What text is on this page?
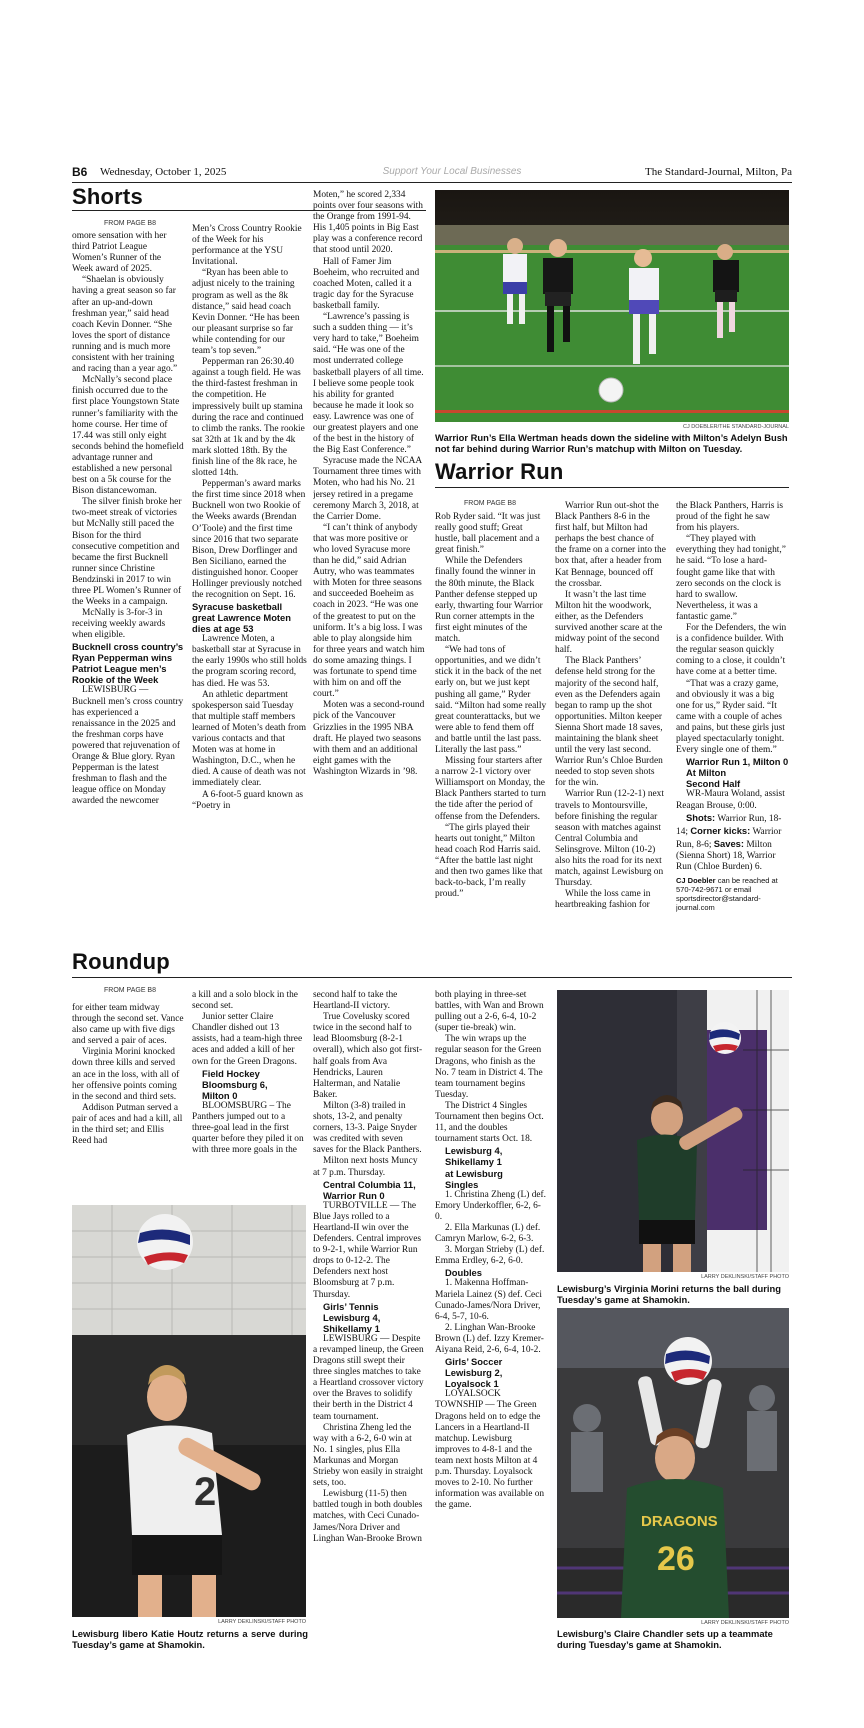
B6 Wednesday, October 1, 2025	Support Your Local Businesses	The Standard-Journal, Milton, Pa
Shorts
FROM PAGE B8

omore sensation with her third Patriot League Women’s Runner of the Week award of 2025.

“Shaelan is obviously having a great season so far after an up-and-down freshman year,” said head coach Kevin Donner. “She loves the sport of distance running and is much more consistent with her training and racing than a year ago.”

McNally’s second place finish occurred due to the first place Youngstown State runner’s familiarity with the home course. Her time of 17.44 was still only eight seconds behind the homefield advantage runner and established a new personal best on a 5k course for the Bison distancewoman.

The silver finish broke her two-meet streak of victories but McNally still paced the Bison for the third consecutive competition and became the first Bucknell runner since Christine Bendzinski in 2017 to win three PL Women’s Runner of the Weeks in a campaign.

McNally is 3-for-3 in receiving weekly awards when eligible.

Bucknell cross country’s Ryan Pepperman wins Patriot League men’s Rookie of the Week

LEWISBURG — Bucknell men’s cross country has experienced a renaissance in the 2025 and the freshman corps have powered that rejuvenation of Orange & Blue glory. Ryan Pepperman is the latest freshman to flash and the league office on Monday awarded the newcomer

Men’s Cross Country Rookie of the Week for his performance at the YSU Invitational.

“Ryan has been able to adjust nicely to the training program as well as the 8k distance,” said head coach Kevin Donner. “He has been our pleasant surprise so far while contending for our team’s top seven.”

Pepperman ran 26:30.40 against a tough field. He was the third-fastest freshman in the competition. He impressively built up stamina during the race and continued to climb the ranks. The rookie sat 32th at 1k and by the 4k mark slotted 18th. By the finish line of the 8k race, he slotted 14th.

Pepperman’s award marks the first time since 2018 when Bucknell won two Rookie of the Weeks awards (Brendan O’Toole) and the first time since 2016 that two separate Bison, Drew Dorflinger and Ben Siciliano, earned the distinguished honor. Cooper Hollinger previously notched the recognition on Sept. 16.

Syracuse basketball great Lawrence Moten dies at age 53

Lawrence Moten, a basketball star at Syracuse in the early 1990s who still holds the program scoring record, has died. He was 53.

An athletic department spokesperson said Tuesday that multiple staff members learned of Moten’s death from various contacts and that Moten was at home in Washington, D.C., when he died. A cause of death was not immediately clear.

A 6-foot-5 guard known as “Poetry in

Moten,” he scored 2,334 points over four seasons with the Orange from 1991-94. His 1,405 points in Big East play was a conference record that stood until 2020.

Hall of Famer Jim Boeheim, who recruited and coached Moten, called it a tragic day for the Syracuse basketball family.

“Lawrence’s passing is such a sudden thing — it’s very hard to take,” Boeheim said. “He was one of the most underrated college basketball players of all time. I believe some people took his ability for granted because he made it look so easy. Lawrence was one of our greatest players and one of the best in the history of the Big East Conference.”

Syracuse made the NCAA Tournament three times with Moten, who had his No. 21 jersey retired in a pregame ceremony March 3, 2018, at the Carrier Dome.

“I can’t think of anybody that was more positive or who loved Syracuse more than he did,” said Adrian Autry, who was teammates with Moten for three seasons and succeeded Boeheim as coach in 2023. “He was one of the greatest to put on the uniform. It’s a big loss. I was able to play alongside him for three years and watch him do some amazing things. I was fortunate to spend time with him on and off the court.”

Moten was a second-round pick of the Vancouver Grizzlies in the 1995 NBA draft. He played two seasons with them and an additional eight games with the Washington Wizards in ’98.

CJ DOEBLER/THE STANDARD-JOURNAL
Warrior Run’s Ella Wertman heads down the sideline with Milton’s Adelyn Bush not far behind during Warrior Run’s matchup with Milton on Tuesday.
Warrior Run
FROM PAGE B8

Rob Ryder said. “It was just really good stuff; Great hustle, ball placement and a great finish.”

While the Defenders finally found the winner in the 80th minute, the Black Panther defense stepped up early, thwarting four Warrior Run corner attempts in the first eight minutes of the match.

“We had tons of opportunities, and we didn’t stick it in the back of the net early on, but we just kept pushing all game,” Ryder said. “Milton had some really great counterattacks, but we were able to fend them off and battle until the last pass. Literally the last pass.”

Missing four starters after a narrow 2-1 victory over Williamsport on Monday, the Black Panthers started to turn the tide after the period of offense from the Defenders.

“The girls played their hearts out tonight,” Milton head coach Rod Harris said. “After the battle last night and then two games like that back-to-back, I’m really proud.”

Warrior Run out-shot the Black Panthers 8-6 in the first half, but Milton had perhaps the best chance of the frame on a corner into the box that, after a header from Kat Bennage, bounced off the crossbar.

It wasn’t the last time Milton hit the woodwork, either, as the Defenders survived another scare at the midway point of the second half.

The Black Panthers’ defense held strong for the majority of the second half, even as the Defenders again began to ramp up the shot opportunities. Milton keeper Sienna Short made 18 saves, maintaining the blank sheet until the very last second. Warrior Run’s Chloe Burden needed to stop seven shots for the win.

Warrior Run (12-2-1) next travels to Montoursville, before finishing the regular season with matches against Central Columbia and Selinsgrove. Milton (10-2) also hits the road for its next match, against Lewisburg on Thursday.

While the loss came in heartbreaking fashion for

the Black Panthers, Harris is proud of the fight he saw from his players.

“They played with everything they had tonight,” he said. “To lose a hard-fought game like that with zero seconds on the clock is hard to swallow. Nevertheless, it was a fantastic game.”

For the Defenders, the win is a confidence builder. With the regular season quickly coming to a close, it couldn’t have come at a better time.

“That was a crazy game, and obviously it was a big one for us,” Ryder said. “It came with a couple of aches and pains, but these girls just played spectacularly tonight. Every single one of them.”

Warrior Run 1, Milton 0

At Milton

Second Half

WR-Maura Woland, assist Reagan Brouse, 0:00.

Shots: Warrior Run, 18-14; Corner kicks: Warrior Run, 8-6; Saves: Milton (Sienna Short) 18, Warrior Run (Chloe Burden) 6.

CJ Doebler can be reached at 570-742-9671 or email sportsdirector@standard-journal.com

Roundup
FROM PAGE B8

for either team midway through the second set. Vance also came up with five digs and served a pair of aces.

Virginia Morini knocked down three kills and served an ace in the loss, with all of her offensive points coming in the second and third sets.

Addison Putman served a pair of aces and had a kill, all in the third set; and Ellis Reed had

a kill and a solo block in the second set.

Junior setter Claire Chandler dished out 13 assists, had a team-high three aces and added a kill of her own for the Green Dragons.

Field Hockey

Bloomsburg 6,

Milton 0

BLOOMSBURG – The Panthers jumped out to a three-goal lead in the first quarter before they piled it on with three more goals in the

second half to take the Heartland-II victory.

True Covelusky scored twice in the second half to lead Bloomsburg (8-2-1 overall), which also got first-half goals from Ava Hendricks, Lauren Halterman, and Natalie Baker.

Milton (3-8) trailed in shots, 13-2, and penalty corners, 13-3. Paige Snyder was credited with seven saves for the Black Panthers.

Milton next hosts Muncy at 7 p.m. Thursday.

Central Columbia 11,

Warrior Run 0

TURBOTVILLE — The Blue Jays rolled to a Heartland-II win over the Defenders. Central improves to 9-2-1, while Warrior Run drops to 0-12-2. The Defenders next host Bloomsburg at 7 p.m. Thursday.

Girls’ Tennis

Lewisburg 4,

Shikellamy 1

LEWISBURG — Despite a revamped lineup, the Green Dragons still swept their three singles matches to take a Heartland crossover victory over the Braves to solidify their berth in the District 4 team tournament.

Christina Zheng led the way with a 6-2, 6-0 win at No. 1 singles, plus Ella Markunas and Morgan Strieby won easily in straight sets, too.

Lewisburg (11-5) then battled tough in both doubles matches, with Ceci Cunado-James/Nora Driver and Linghan Wan-Brooke Brown

both playing in three-set battles, with Wan and Brown pulling out a 2-6, 6-4, 10-2 (super tie-break) win.

The win wraps up the regular season for the Green Dragons, who finish as the No. 7 team in District 4. The team tournament begins Tuesday.

The District 4 Singles Tournament then begins Oct. 11, and the doubles tournament starts Oct. 18.

Lewisburg 4, Shikellamy 1

at Lewisburg

Singles

1. Christina Zheng (L) def. Emory Underkoffler, 6-2, 6-0.

2. Ella Markunas (L) def. Camryn Marlow, 6-2, 6-3.

3. Morgan Strieby (L) def. Emma Erdley, 6-2, 6-0.

Doubles

1. Makenna Hoffman-Mariela Lainez (S) def. Ceci Cunado-James/Nora Driver, 6-4, 5-7, 10-6.

2. Linghan Wan-Brooke Brown (L) def. Izzy Kremer-Aiyana Reid, 2-6, 6-4, 10-2.

Girls’ Soccer

Lewisburg 2,

Loyalsock 1

LOYALSOCK TOWNSHIP — The Green Dragons held on to edge the Lancers in a Heartland-II matchup. Lewisburg improves to 4-8-1 and the team next hosts Milton at 4 p.m. Thursday. Loyalsock moves to 2-10. No further information was available on the game.

2
LARRY DEKLINSKI/STAFF PHOTO
Lewisburg libero Katie Houtz returns a serve during Tuesday’s game at Shamokin.
LARRY DEKLINSKI/STAFF PHOTO
Lewisburg’s Virginia Morini returns the ball during Tuesday’s game at Shamokin.
DRAGONS
26
LARRY DEKLINSKI/STAFF PHOTO
Lewisburg’s Claire Chandler sets up a teammate during Tuesday’s game at Shamokin.
